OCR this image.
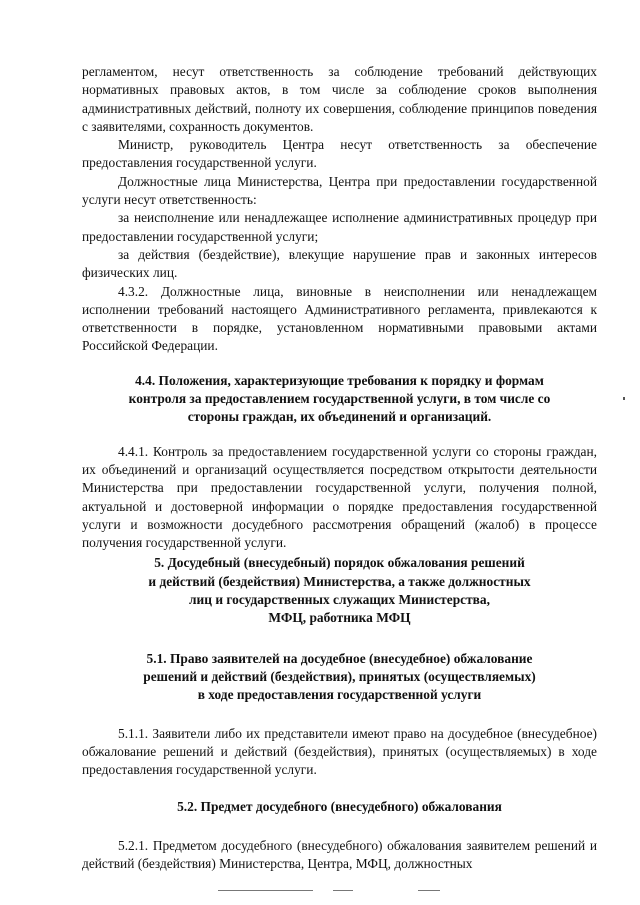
регламентом, несут ответственность за соблюдение требований действующих нормативных правовых актов, в том числе за соблюдение сроков выполнения административных действий, полноту их совершения, соблюдение принципов поведения с заявителями, сохранность документов.

Министр, руководитель Центра несут ответственность за обеспечение предоставления государственной услуги.

Должностные лица Министерства, Центра при предоставлении государственной услуги несут ответственность:

за неисполнение или ненадлежащее исполнение административных процедур при предоставлении государственной услуги;

за действия (бездействие), влекущие нарушение прав и законных интересов физических лиц.

4.3.2. Должностные лица, виновные в неисполнении или ненадлежащем исполнении требований настоящего Административного регламента, привлекаются к ответственности в порядке, установленном нормативными правовыми актами Российской Федерации.

4.4. Положения, характеризующие требования к порядку и формам
контроля за предоставлением государственной услуги, в том числе со
стороны граждан, их объединений и организаций.

4.4.1. Контроль за предоставлением государственной услуги со стороны граждан, их объединений и организаций осуществляется посредством открытости деятельности Министерства при предоставлении государственной услуги, получения полной, актуальной и достоверной информации о порядке предоставления государственной услуги и возможности досудебного рассмотрения обращений (жалоб) в процессе получения государственной услуги.

5. Досудебный (внесудебный) порядок обжалования решений
и действий (бездействия) Министерства, а также должностных
лиц и государственных служащих Министерства,
МФЦ, работника МФЦ
5.1. Право заявителей на досудебное (внесудебное) обжалование
решений и действий (бездействия), принятых (осуществляемых)
в ходе предоставления государственной услуги

5.1.1. Заявители либо их представители имеют право на досудебное (внесудебное) обжалование решений и действий (бездействия), принятых (осуществляемых) в ходе предоставления государственной услуги.

5.2. Предмет досудебного (внесудебного) обжалования

5.2.1. Предметом досудебного (внесудебного) обжалования заявителем решений и действий (бездействия) Министерства, Центра, МФЦ, должностных
